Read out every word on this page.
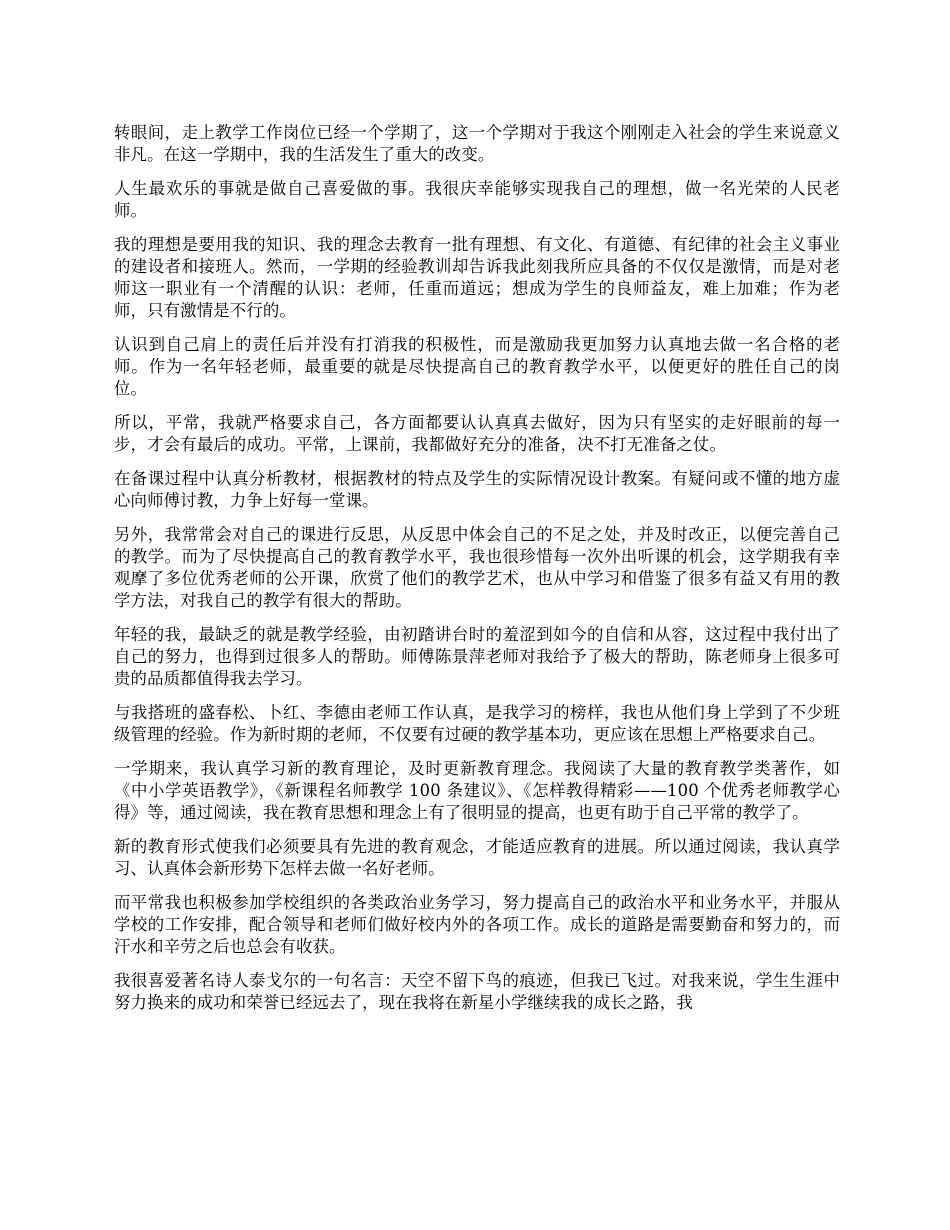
转眼间，走上教学工作岗位已经一个学期了，这一个学期对于我这个刚刚走入社会的学生来说意义非凡。在这一学期中，我的生活发生了重大的改变。

人生最欢乐的事就是做自己喜爱做的事。我很庆幸能够实现我自己的理想，做一名光荣的人民老师。

我的理想是要用我的知识、我的理念去教育一批有理想、有文化、有道德、有纪律的社会主义事业的建设者和接班人。然而，一学期的经验教训却告诉我此刻我所应具备的不仅仅是激情，而是对老师这一职业有一个清醒的认识：老师，任重而道远；想成为学生的良师益友，难上加难；作为老师，只有激情是不行的。

认识到自己肩上的责任后并没有打消我的积极性，而是激励我更加努力认真地去做一名合格的老师。作为一名年轻老师，最重要的就是尽快提高自己的教育教学水平，以便更好的胜任自己的岗位。

所以，平常，我就严格要求自己，各方面都要认认真真去做好，因为只有坚实的走好眼前的每一步，才会有最后的成功。平常，上课前，我都做好充分的准备，决不打无准备之仗。

在备课过程中认真分析教材，根据教材的特点及学生的实际情况设计教案。有疑问或不懂的地方虚心向师傅讨教，力争上好每一堂课。

另外，我常常会对自己的课进行反思，从反思中体会自己的不足之处，并及时改正，以便完善自己的教学。而为了尽快提高自己的教育教学水平，我也很珍惜每一次外出听课的机会，这学期我有幸观摩了多位优秀老师的公开课，欣赏了他们的教学艺术，也从中学习和借鉴了很多有益又有用的教学方法，对我自己的教学有很大的帮助。

年轻的我，最缺乏的就是教学经验，由初踏讲台时的羞涩到如今的自信和从容，这过程中我付出了自己的努力，也得到过很多人的帮助。师傅陈景萍老师对我给予了极大的帮助，陈老师身上很多可贵的品质都值得我去学习。

与我搭班的盛春松、卜红、李德由老师工作认真，是我学习的榜样，我也从他们身上学到了不少班级管理的经验。作为新时期的老师，不仅要有过硬的教学基本功，更应该在思想上严格要求自己。

一学期来，我认真学习新的教育理论，及时更新教育理念。我阅读了大量的教育教学类著作，如《中小学英语教学》，《新课程名师教学 100 条建议》、《怎样教得精彩——100 个优秀老师教学心得》等，通过阅读，我在教育思想和理念上有了很明显的提高，也更有助于自己平常的教学了。

新的教育形式使我们必须要具有先进的教育观念，才能适应教育的进展。所以通过阅读，我认真学习、认真体会新形势下怎样去做一名好老师。

而平常我也积极参加学校组织的各类政治业务学习，努力提高自己的政治水平和业务水平，并服从学校的工作安排，配合领导和老师们做好校内外的各项工作。成长的道路是需要勤奋和努力的，而汗水和辛劳之后也总会有收获。

我很喜爱著名诗人泰戈尔的一句名言：天空不留下鸟的痕迹，但我已飞过。对我来说，学生生涯中努力换来的成功和荣誉已经远去了，现在我将在新星小学继续我的成长之路，我
